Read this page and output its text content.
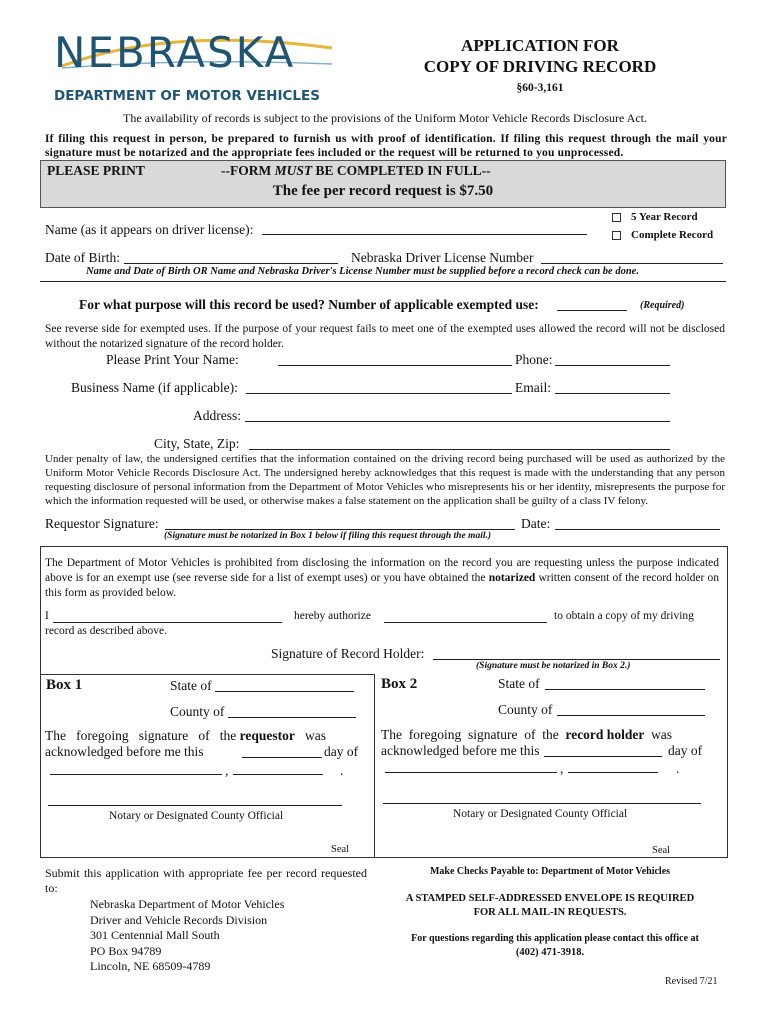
NEBRASKA
DEPARTMENT OF MOTOR VEHICLES
APPLICATION FOR
COPY OF DRIVING RECORD
§60-3,161
The availability of records is subject to the provisions of the Uniform Motor Vehicle Records Disclosure Act.
If filing this request in person, be prepared to furnish us with proof of identification. If filing this request through the mail your signature must be notarized and the appropriate fees included or the request will be returned to you unprocessed.
PLEASE PRINT	--FORM MUST BE COMPLETED IN FULL--
The fee per record request is $7.50
5 Year Record
Complete Record
Name (as it appears on driver license):
Date of Birth:	Nebraska Driver License Number
Name and Date of Birth OR Name and Nebraska Driver's License Number must be supplied before a record check can be done.
For what purpose will this record be used? Number of applicable exempted use:	(Required)
See reverse side for exempted uses. If the purpose of your request fails to meet one of the exempted uses allowed the record will not be disclosed without the notarized signature of the record holder.
Please Print Your Name:	Phone:
Business Name (if applicable):	Email:
Address:
City, State, Zip:
Under penalty of law, the undersigned certifies that the information contained on the driving record being purchased will be used as authorized by the Uniform Motor Vehicle Records Disclosure Act. The undersigned hereby acknowledges that this request is made with the understanding that any person requesting disclosure of personal information from the Department of Motor Vehicles who misrepresents his or her identity, misrepresents the purpose for which the information requested will be used, or otherwise makes a false statement on the application shall be guilty of a class IV felony.
Requestor Signature:	Date:
(Signature must be notarized in Box 1 below if filing this request through the mail.)
The Department of Motor Vehicles is prohibited from disclosing the information on the record you are requesting unless the purpose indicated above is for an exempt use (see reverse side for a list of exempt uses) or you have obtained the notarized written consent of the record holder on this form as provided below.
I	hereby authorize	to obtain a copy of my driving
record as described above.
Signature of Record Holder:
(Signature must be notarized in Box 2.)
Box 1	State of
County of
The   foregoing   signature   of   the requestor was
acknowledged before me this	day of
,	.
Notary or Designated County Official
Seal
Box 2	State of
County of
The  foregoing  signature  of  the record holder was
acknowledged before me this	day of
,	.
Notary or Designated County Official
Seal
Submit this application with appropriate fee per record requested to:
Nebraska Department of Motor Vehicles
Driver and Vehicle Records Division
301 Centennial Mall South
PO Box 94789
Lincoln, NE 68509-4789
Make Checks Payable to: Department of Motor Vehicles
A STAMPED SELF-ADDRESSED ENVELOPE IS REQUIRED
FOR ALL MAIL-IN REQUESTS.
For questions regarding this application please contact this office at
(402) 471-3918.
Revised 7/21
